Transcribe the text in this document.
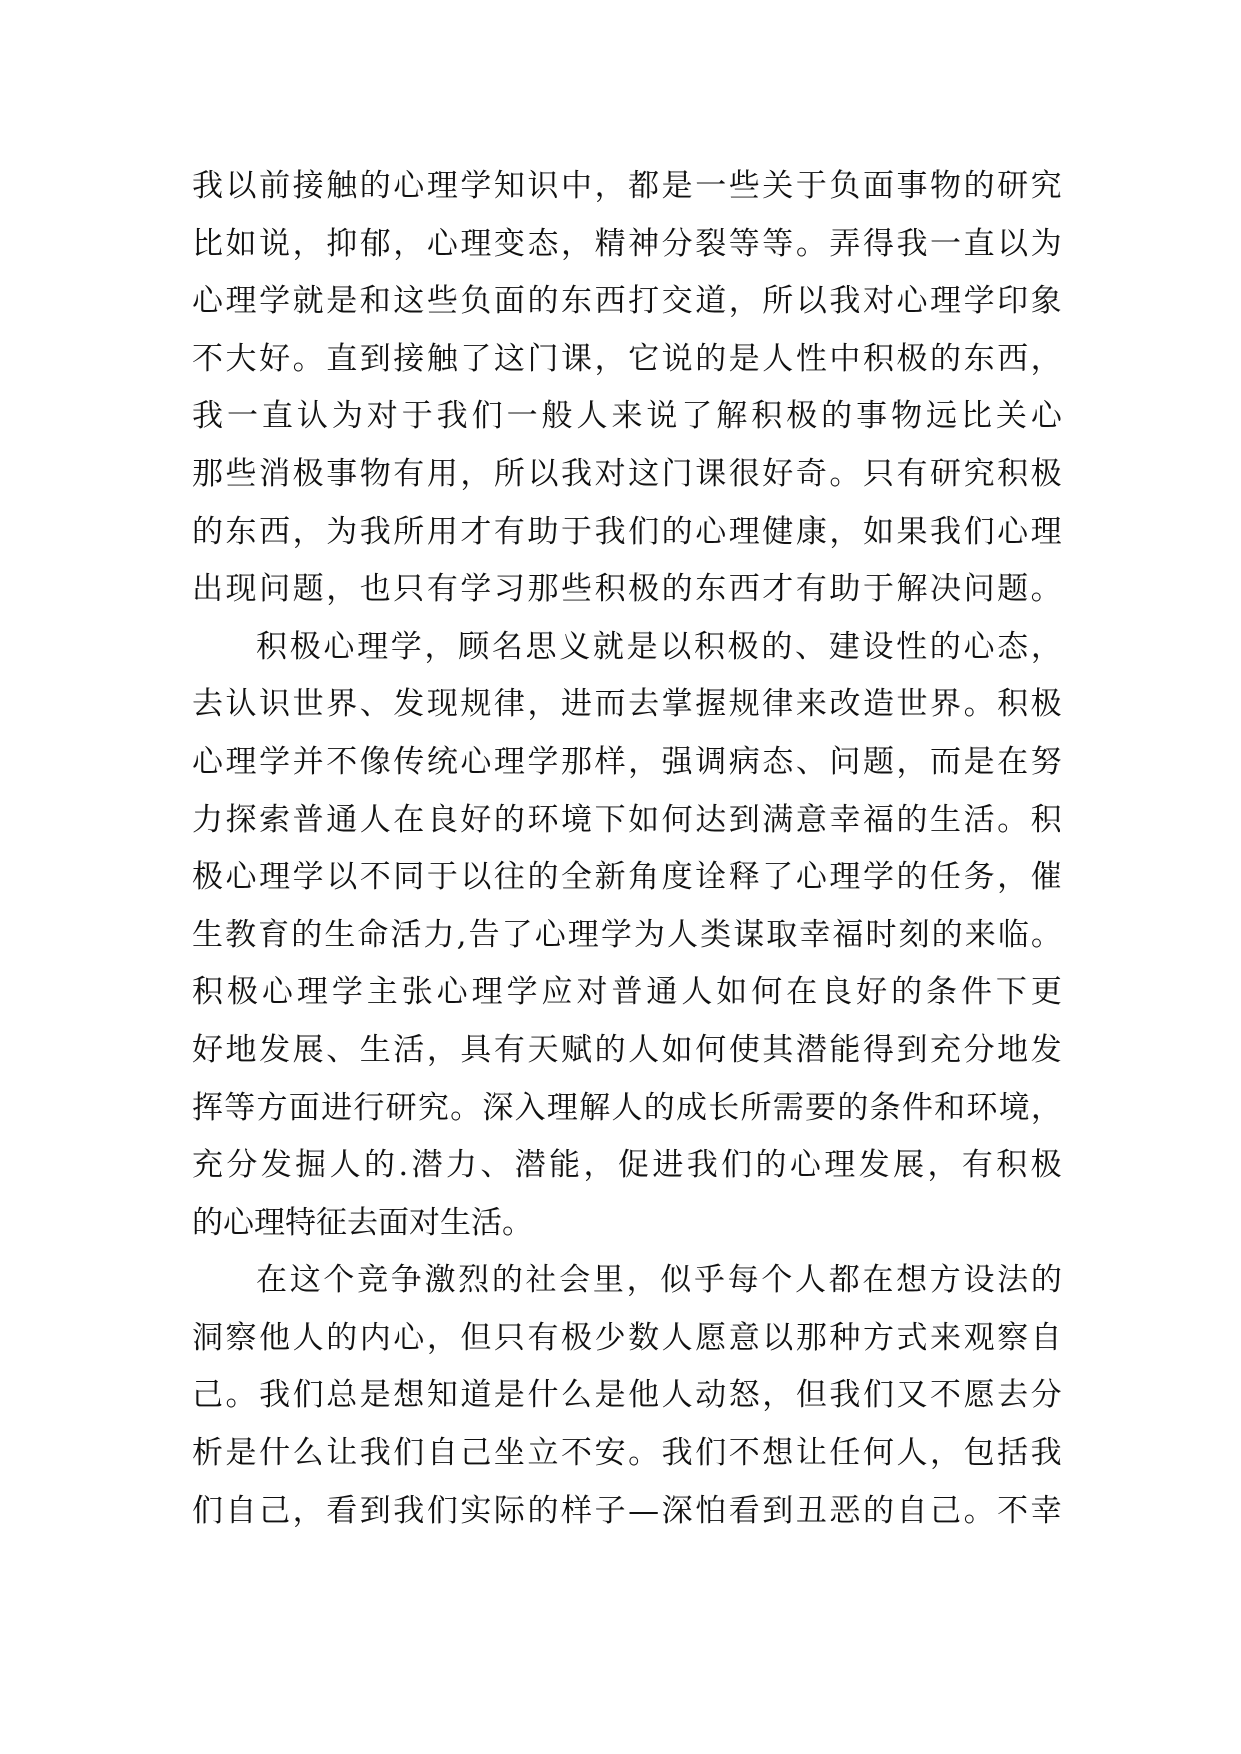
我 以 前 接 触 的 心 理 学 知 识 中 ， 都 是 一 些 关 于 负 面 事 物 的 研 究
比 如 说 ， 抑 郁 ， 心 理 变 态 ， 精 神 分 裂 等 等 。 弄 得 我 一 直 以 为
心 理 学 就 是 和 这 些 负 面 的 东 西 打 交 道 ， 所 以 我 对 心 理 学 印 象
不 大 好 。 直 到 接 触 了 这 门 课 ， 它 说 的 是 人 性 中 积 极 的 东 西 ，
我 一 直 认 为 对 于 我 们 一 般 人 来 说 了 解 积 极 的 事 物 远 比 关 心
那 些 消 极 事 物 有 用 ， 所 以 我 对 这 门 课 很 好 奇 。 只 有 研 究 积 极
的 东 西 ， 为 我 所 用 才 有 助 于 我 们 的 心 理 健 康 ， 如 果 我 们 心 理
出 现 问 题 ， 也 只 有 学 习 那 些 积 极 的 东 西 才 有 助 于 解 决 问 题 。
积 极 心 理 学 ， 顾 名 思 义 就 是 以 积 极 的 、 建 设 性 的 心 态 ，
去 认 识 世 界 、 发 现 规 律 ， 进 而 去 掌 握 规 律 来 改 造 世 界 。 积 极
心 理 学 并 不 像 传 统 心 理 学 那 样 ， 强 调 病 态 、 问 题 ， 而 是 在 努
力 探 索 普 通 人 在 良 好 的 环 境 下 如 何 达 到 满 意 幸 福 的 生 活 。 积
极 心 理 学 以 不 同 于 以 往 的 全 新 角 度 诠 释 了 心 理 学 的 任 务 ， 催
生 教 育 的 生 命 活 力 , 告 了 心 理 学 为 人 类 谋 取 幸 福 时 刻 的 来 临 。
积 极 心 理 学 主 张 心 理 学 应 对 普 通 人 如 何 在 良 好 的 条 件 下 更
好 地 发 展 、 生 活 ， 具 有 天 赋 的 人 如 何 使 其 潜 能 得 到 充 分 地 发
挥 等 方 面 进 行 研 究 。 深 入 理 解 人 的 成 长 所 需 要 的 条 件 和 环 境 ，
充 分 发 掘 人 的 . 潜 力 、 潜 能 ， 促 进 我 们 的 心 理 发 展 ， 有 积 极
的 心 理 特 征 去 面 对 生 活 。
在 这 个 竞 争 激 烈 的 社 会 里 ， 似 乎 每 个 人 都 在 想 方 设 法 的
洞 察 他 人 的 内 心 ， 但 只 有 极 少 数 人 愿 意 以 那 种 方 式 来 观 察 自
己 。 我 们 总 是 想 知 道 是 什 么 是 他 人 动 怒 ， 但 我 们 又 不 愿 去 分
析 是 什 么 让 我 们 自 己 坐 立 不 安 。 我 们 不 想 让 任 何 人 ， 包 括 我
们 自 己 ， 看 到 我 们 实 际 的 样 子 — 深 怕 看 到 丑 恶 的 自 己 。 不 幸
